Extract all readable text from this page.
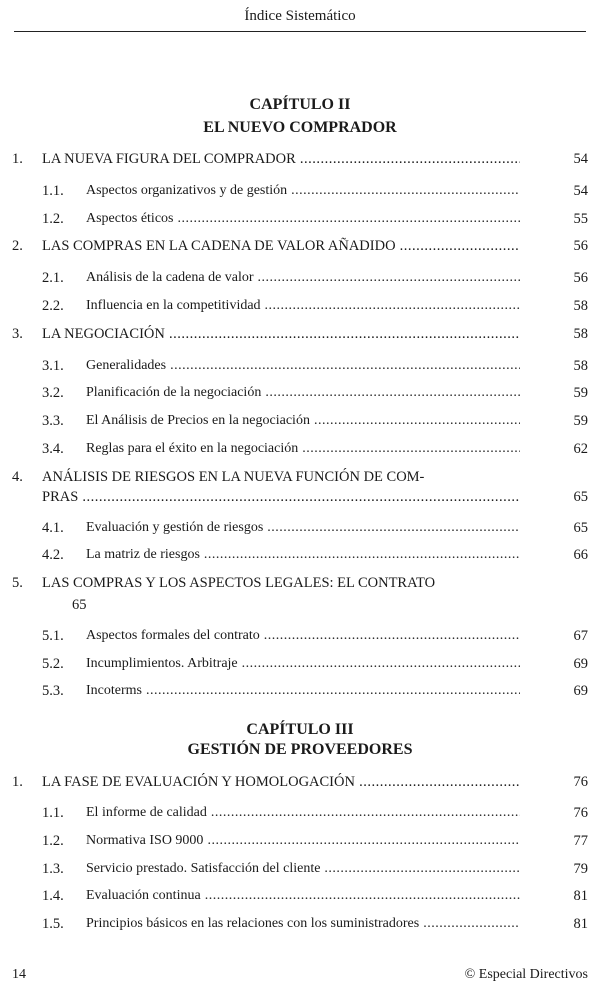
Índice Sistemático
CAPÍTULO II
EL NUEVO COMPRADOR
1. LA NUEVA FIGURA DEL COMPRADOR .....	54
1.1. Aspectos organizativos y de gestión .....	54
1.2. Aspectos éticos .....	55
2. LAS COMPRAS EN LA CADENA DE VALOR AÑADIDO .....	56
2.1. Análisis de la cadena de valor .....	56
2.2. Influencia en la competitividad .....	58
3. LA NEGOCIACIÓN .....	58
3.1. Generalidades .....	58
3.2. Planificación de la negociación .....	59
3.3. El Análisis de Precios en la negociación .....	59
3.4. Reglas para el éxito en la negociación .....	62
4. ANÁLISIS DE RIESGOS EN LA NUEVA FUNCIÓN DE COM-
PRAS .....	65
4.1. Evaluación y gestión de riesgos .....	65
4.2. La matriz de riesgos .....	66
5. LAS COMPRAS Y LOS ASPECTOS LEGALES: EL CONTRATO
65
5.1. Aspectos formales del contrato .....	67
5.2. Incumplimientos. Arbitraje .....	69
5.3. Incoterms .....	69
CAPÍTULO III
GESTIÓN DE PROVEEDORES
1. LA FASE DE EVALUACIÓN Y HOMOLOGACIÓN .....	76
1.1. El informe de calidad .....	76
1.2. Normativa ISO 9000 .....	77
1.3. Servicio prestado. Satisfacción del cliente .....	79
1.4. Evaluación continua .....	81
1.5. Principios básicos en las relaciones con los suministradores .....	81
14	© Especial Directivos
